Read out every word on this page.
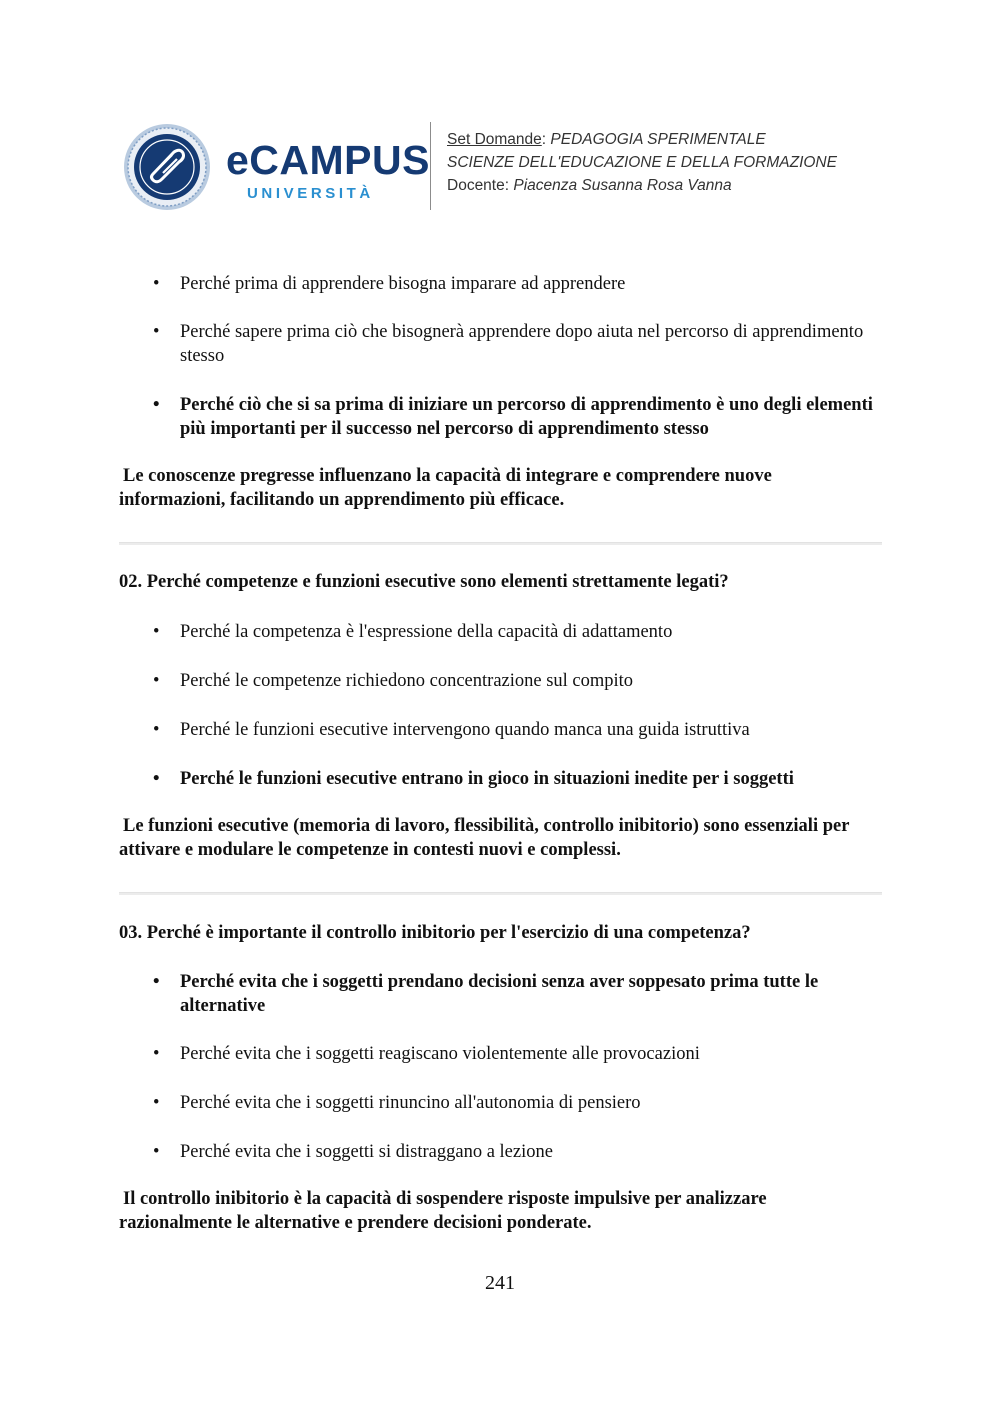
eCAMPUS
UNIVERSITÀ
Set Domande: PEDAGOGIA SPERIMENTALE
SCIENZE DELL'EDUCAZIONE E DELLA FORMAZIONE
Docente: Piacenza Susanna Rosa Vanna
•	Perché prima di apprendere bisogna imparare ad apprendere
•	Perché sapere prima ciò che bisognerà apprendere dopo aiuta nel percorso di apprendimento stesso
•	Perché ciò che si sa prima di iniziare un percorso di apprendimento è uno degli elementi più importanti per il successo nel percorso di apprendimento stesso
Le conoscenze pregresse influenzano la capacità di integrare e comprendere nuove informazioni, facilitando un apprendimento più efficace.
02. Perché competenze e funzioni esecutive sono elementi strettamente legati?
•	Perché la competenza è l'espressione della capacità di adattamento
•	Perché le competenze richiedono concentrazione sul compito
•	Perché le funzioni esecutive intervengono quando manca una guida istruttiva
•	Perché le funzioni esecutive entrano in gioco in situazioni inedite per i soggetti
Le funzioni esecutive (memoria di lavoro, flessibilità, controllo inibitorio) sono essenziali per attivare e modulare le competenze in contesti nuovi e complessi.
03. Perché è importante il controllo inibitorio per l'esercizio di una competenza?
•	Perché evita che i soggetti prendano decisioni senza aver soppesato prima tutte le alternative
•	Perché evita che i soggetti reagiscano violentemente alle provocazioni
•	Perché evita che i soggetti rinuncino all'autonomia di pensiero
•	Perché evita che i soggetti si distraggano a lezione
Il controllo inibitorio è la capacità di sospendere risposte impulsive per analizzare razionalmente le alternative e prendere decisioni ponderate.
241
